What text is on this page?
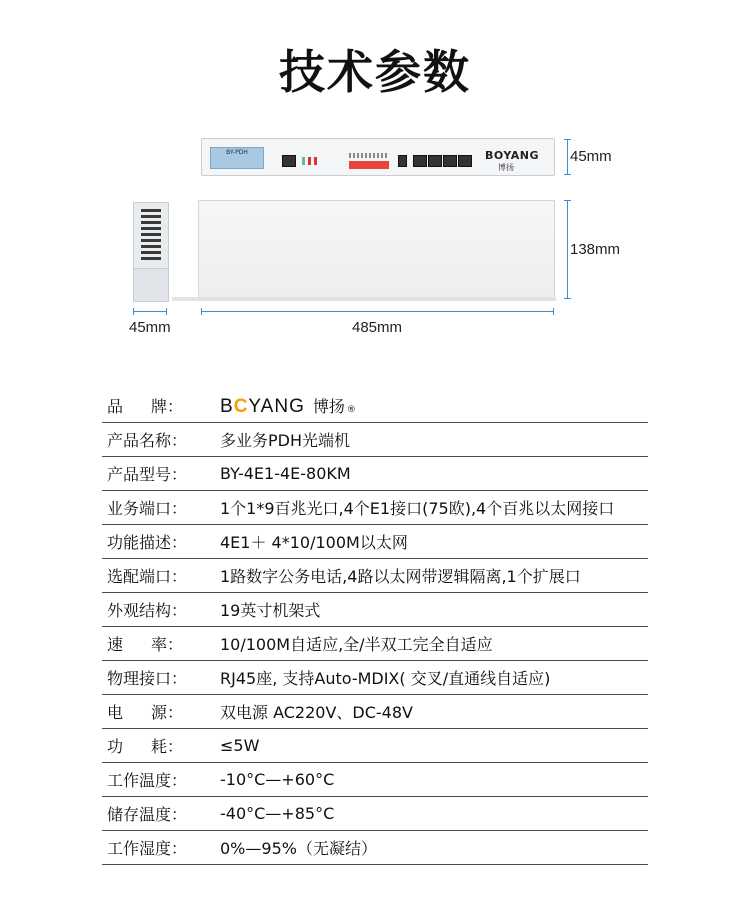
技术参数
BY-PDH	BOYANG
博扬
45mm
138mm
45mm	485mm
品 牌： BCYANG 博扬 ®
产品名称：	多业务PDH光端机
产品型号：	BY-4E1-4E-80KM
业务端口：	1个1*9百兆光口,4个E1接口(75欧),4个百兆以太网接口
功能描述：	4E1＋ 4*10/100M以太网
选配端口：	1路数字公务电话,4路以太网带逻辑隔离,1个扩展口
外观结构：	19英寸机架式
速 率： 10/100M自适应,全/半双工完全自适应
物理接口：	RJ45座, 支持Auto-MDIX( 交叉/直通线自适应)
电 源： 双电源 AC220V、DC-48V
功 耗： ≤5W
工作温度：	-10°C—+60°C
储存温度：	-40°C—+85°C
工作湿度：	0%—95%（无凝结）
